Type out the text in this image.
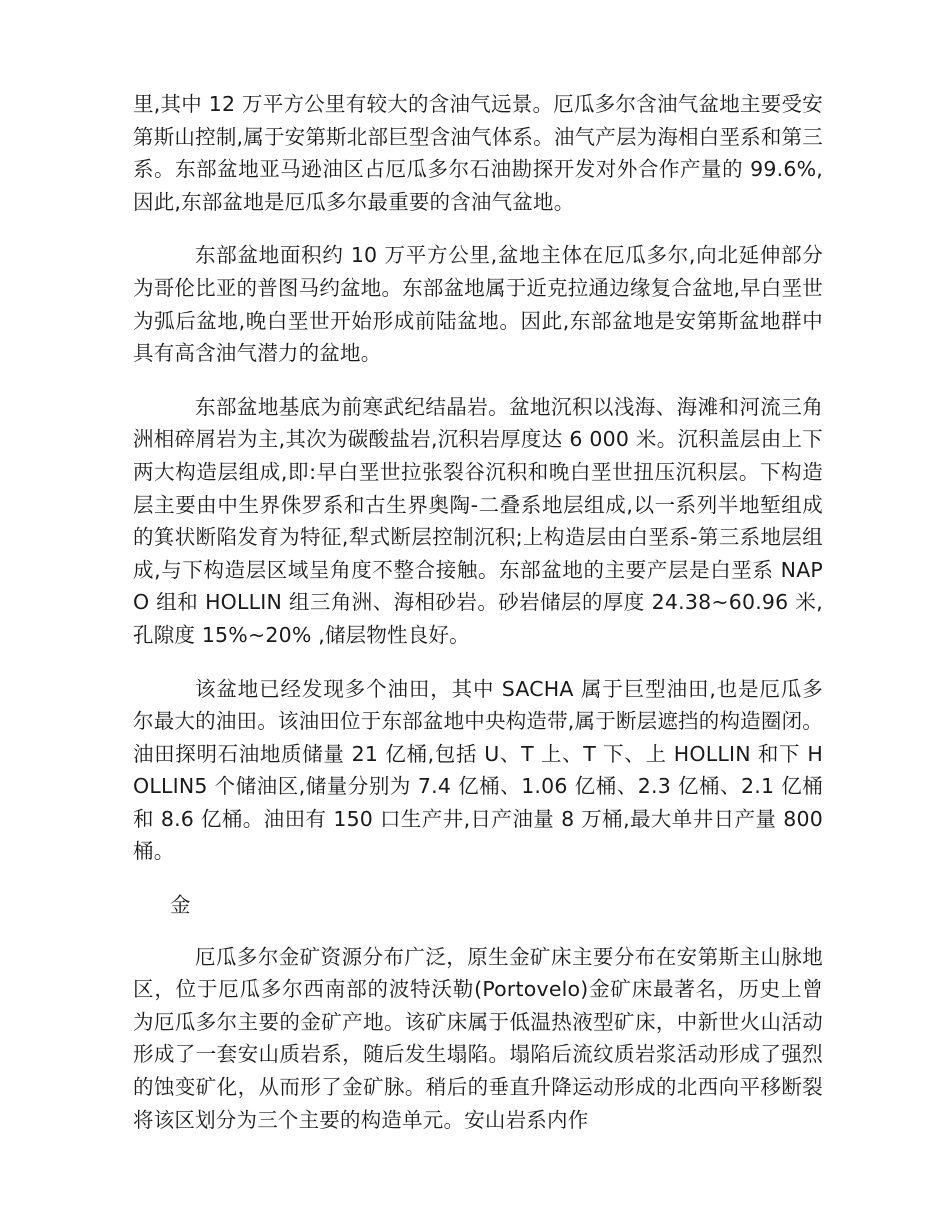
里,其中 12 万平方公里有较大的含油气远景。厄瓜多尔含油气盆地主要受安第斯山控制,属于安第斯北部巨型含油气体系。油气产层为海相白垩系和第三系。东部盆地亚马逊油区占厄瓜多尔石油勘探开发对外合作产量的 99.6%,因此,东部盆地是厄瓜多尔最重要的含油气盆地。

东部盆地面积约 10 万平方公里,盆地主体在厄瓜多尔,向北延伸部分为哥伦比亚的普图马约盆地。东部盆地属于近克拉通边缘复合盆地,早白垩世为弧后盆地,晚白垩世开始形成前陆盆地。因此,东部盆地是安第斯盆地群中具有高含油气潜力的盆地。

东部盆地基底为前寒武纪结晶岩。盆地沉积以浅海、海滩和河流三角洲相碎屑岩为主,其次为碳酸盐岩,沉积岩厚度达 6 000 米。沉积盖层由上下两大构造层组成,即:早白垩世拉张裂谷沉积和晚白垩世扭压沉积层。下构造层主要由中生界侏罗系和古生界奥陶-二叠系地层组成,以一系列半地堑组成的箕状断陷发育为特征,犁式断层控制沉积;上构造层由白垩系-第三系地层组成,与下构造层区域呈角度不整合接触。东部盆地的主要产层是白垩系 NAPO 组和 HOLLIN 组三角洲、海相砂岩。砂岩储层的厚度 24.38~60.96 米,孔隙度 15%~20% ,储层物性良好。

该盆地已经发现多个油田，其中 SACHA 属于巨型油田,也是厄瓜多尔最大的油田。该油田位于东部盆地中央构造带,属于断层遮挡的构造圈闭。油田探明石油地质储量 21 亿桶,包括 U、T 上、T 下、上 HOLLIN 和下 HOLLIN5 个储油区,储量分别为 7.4 亿桶、1.06 亿桶、2.3 亿桶、2.1 亿桶和 8.6 亿桶。油田有 150 口生产井,日产油量 8 万桶,最大单井日产量 800 桶。

金

厄瓜多尔金矿资源分布广泛，原生金矿床主要分布在安第斯主山脉地区，位于厄瓜多尔西南部的波特沃勒(Portovelo)金矿床最著名，历史上曾为厄瓜多尔主要的金矿产地。该矿床属于低温热液型矿床，中新世火山活动形成了一套安山质岩系，随后发生塌陷。塌陷后流纹质岩浆活动形成了强烈的蚀变矿化，从而形了金矿脉。稍后的垂直升降运动形成的北西向平移断裂将该区划分为三个主要的构造单元。安山岩系内作
